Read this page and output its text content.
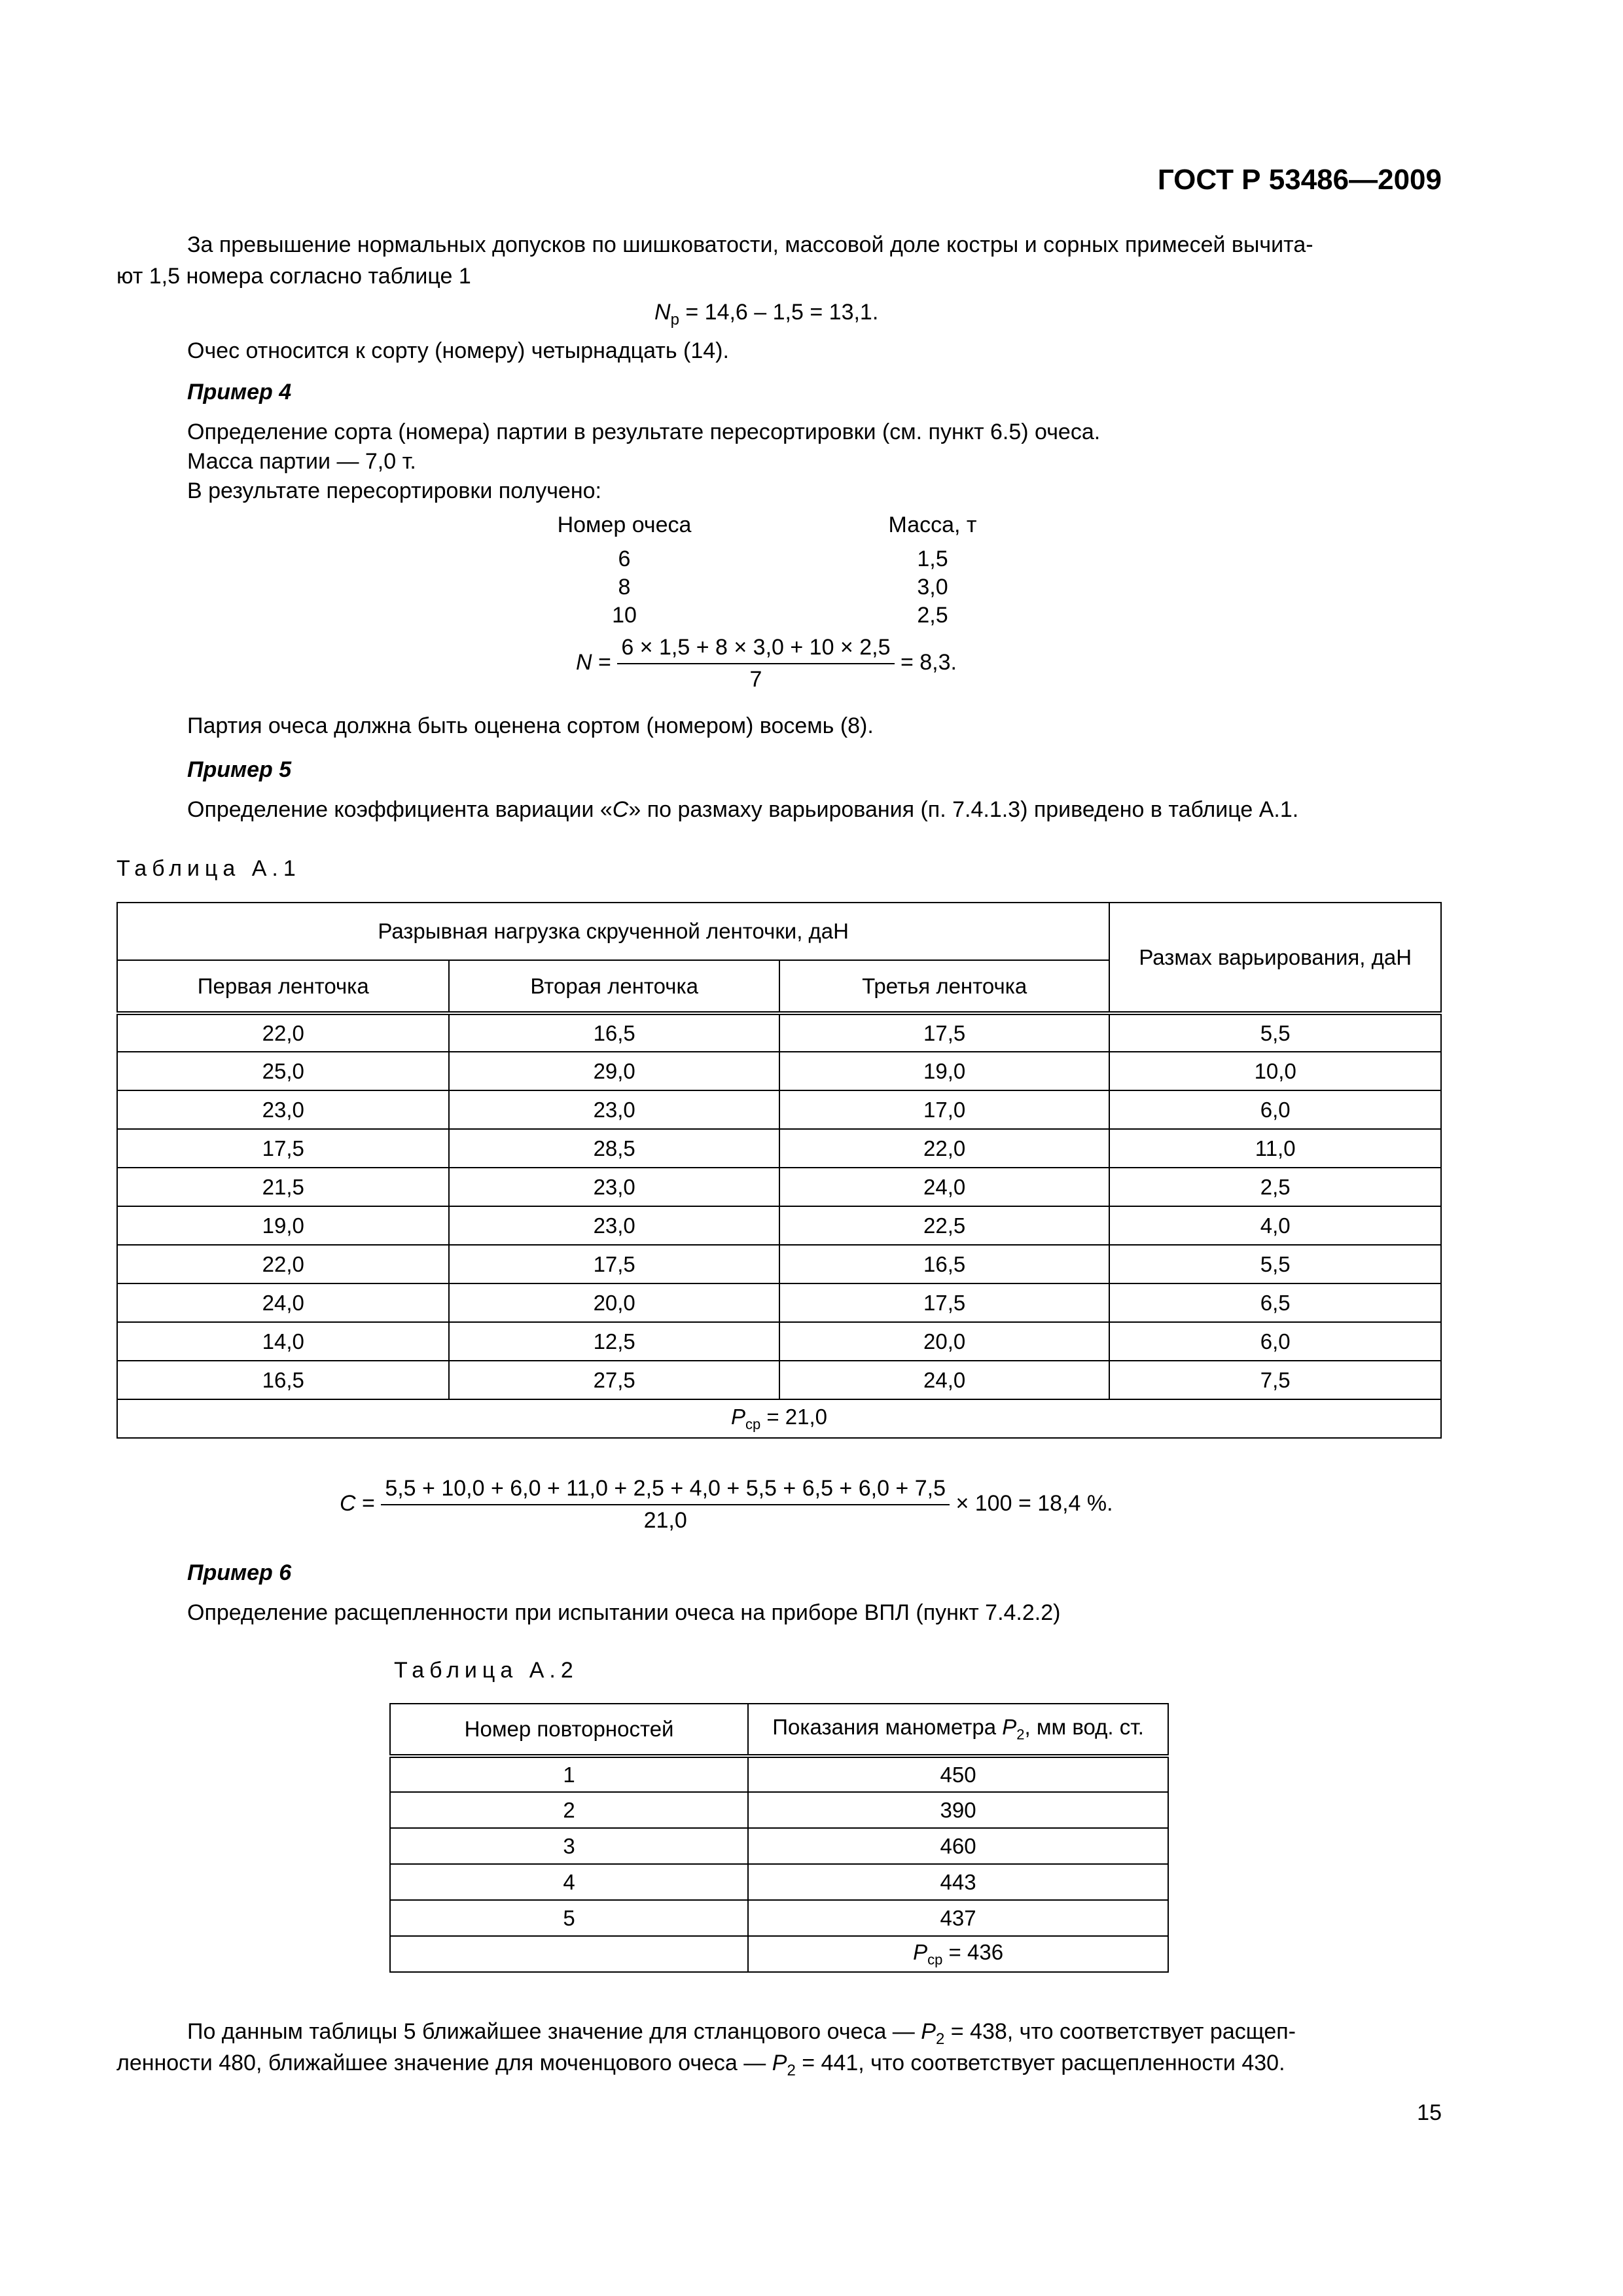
ГОСТ Р 53486—2009
За превышение нормальных допусков по шишковатости, массовой доле костры и сорных примесей вычита-
ют 1,5 номера согласно таблице 1
$N_p = 14,6 - 1,5 = 13,1$.
Очес относится к сорту (номеру) четырнадцать (14).
Пример 4
Определение сорта (номера) партии в результате пересортировки (см. пункт 6.5) очеса.
Масса партии — 7,0 т.
В результате пересортировки получено:
Номер очеса	Масса, т
6	1,5
8	3,0
10	2,5
$N = \frac{6 \times 1,5 + 8 \times 3,0 + 10 \times 2,5}{7} = 8,3$.
Партия очеса должна быть оценена сортом (номером) восемь (8).
Пример 5
Определение коэффициента вариации «C» по размаху варьирования (п. 7.4.1.3) приведено в таблице А.1.
Таблица А.1
Разрывная нагрузка скрученной ленточки, даН			Размах варьирования, даН
Первая ленточка	Вторая ленточка	Третья ленточка	
22,0	16,5	17,5	5,5
25,0	29,0	19,0	10,0
23,0	23,0	17,0	6,0
17,5	28,5	22,0	11,0
21,5	23,0	24,0	2,5
19,0	23,0	22,5	4,0
22,0	17,5	16,5	5,5
24,0	20,0	17,5	6,5
14,0	12,5	20,0	6,0
16,5	27,5	24,0	7,5
$P_{ср} = 21,0$			
$C = \frac{5,5 + 10,0 + 6,0 + 11,0 + 2,5 + 4,0 + 5,5 + 6,5 + 6,0 + 7,5}{21,0} \times 100 = 18,4$ %.
Пример 6
Определение расщепленности при испытании очеса на приборе ВПЛ (пункт 7.4.2.2)
Таблица А.2
Номер повторностей	Показания манометра $P_2$, мм вод. ст.
1	450
2	390
3	460
4	443
5	437
	$P_{ср} = 436$
По данным таблицы 5 ближайшее значение для стланцового очеса — $P_2 = 438$, что соответствует расщеп-
ленности 480, ближайшее значение для моченцового очеса — $P_2 = 441$, что соответствует расщепленности 430.
15
